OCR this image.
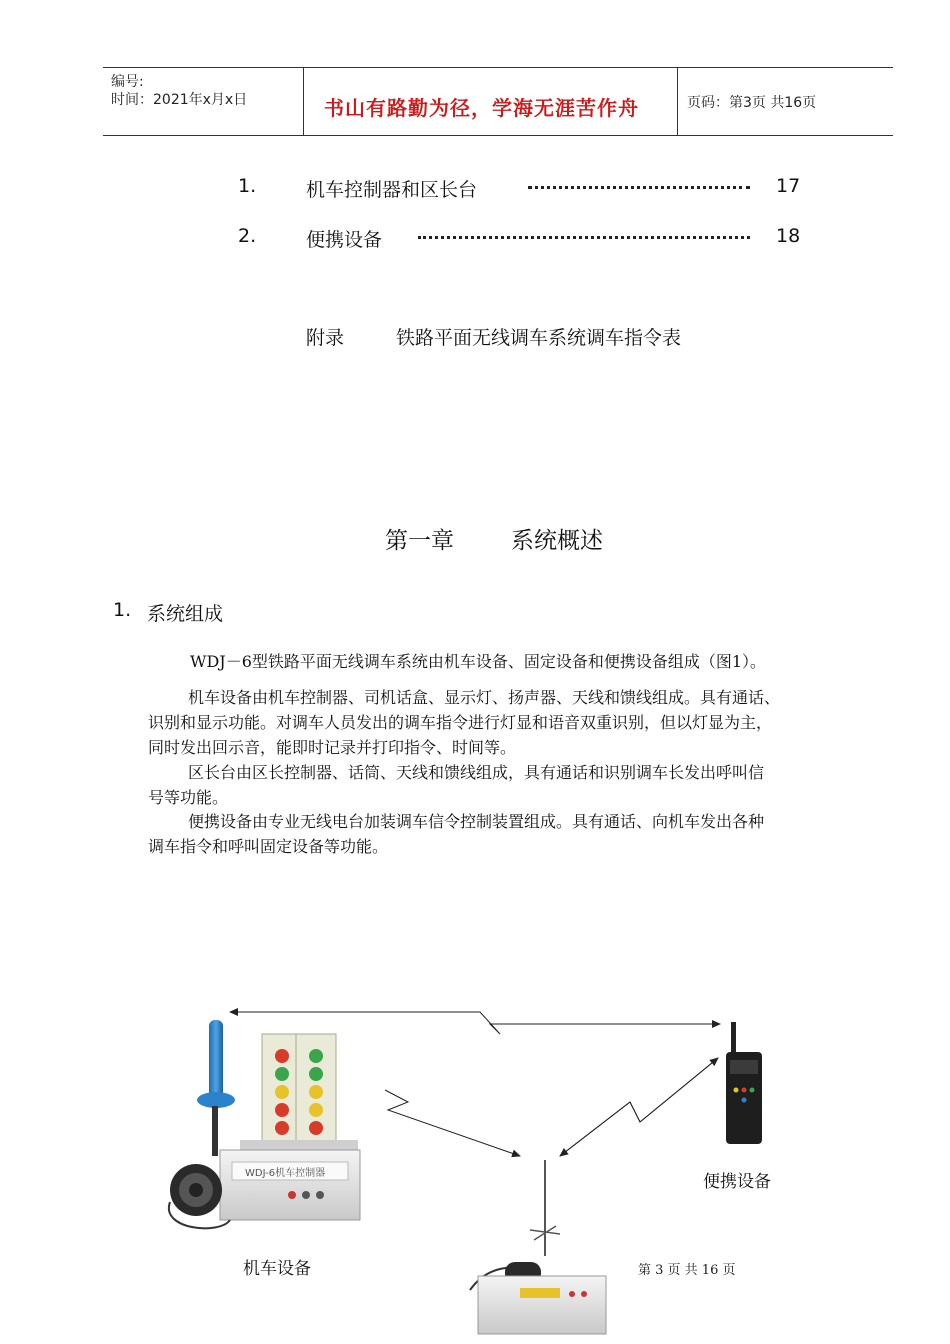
编号:
时间：2021年x月x日	书山有路勤为径，学海无涯苦作舟	页码：第3页 共16页
1.	机车控制器和区长台	17
2.	便携设备	18
附录	铁路平面无线调车系统调车指令表
第一章 系统概述
1. 系统组成
WDJ－6型铁路平面无线调车系统由机车设备、固定设备和便携设备组成（图1）。
机车设备由机车控制器、司机话盒、显示灯、扬声器、天线和馈线组成。具有通话、
识别和显示功能。对调车人员发出的调车指令进行灯显和语音双重识别，但以灯显为主，
同时发出回示音，能即时记录并打印指令、时间等。
区长台由区长控制器、话筒、天线和馈线组成，具有通话和识别调车长发出呼叫信
号等功能。
便携设备由专业无线电台加装调车信令控制装置组成。具有通话、向机车发出各种
调车指令和呼叫固定设备等功能。
WDJ-6机车控制器	便携设备
机车设备	第 3 页 共 16 页
